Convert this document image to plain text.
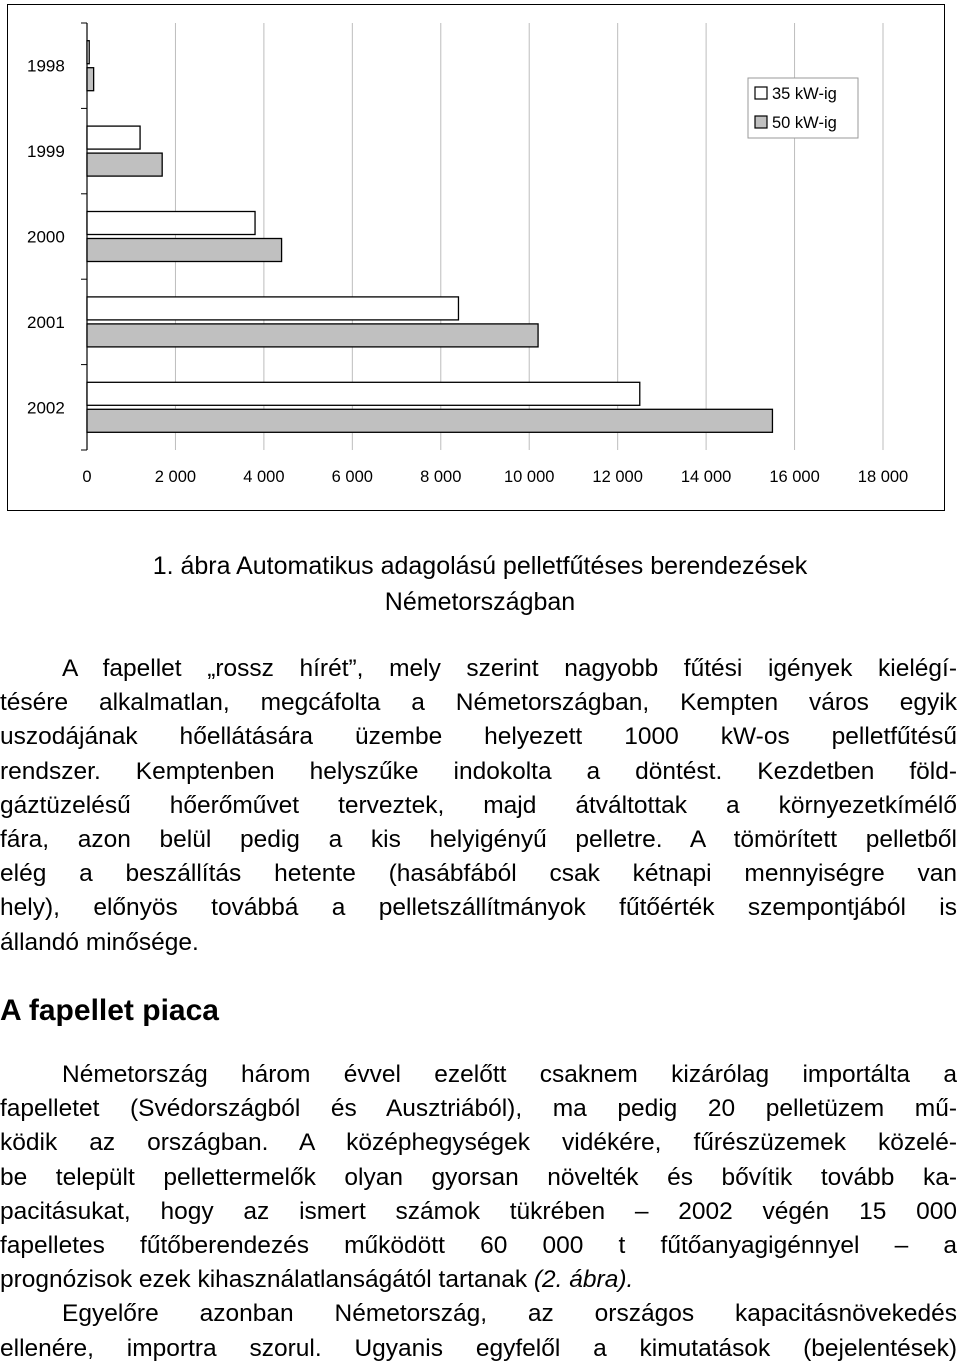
1998
1999
2000
2001
2002
0	2 000	4 000	6 000	8 000	10 000 12 000 14 000 16 000 18 000
35 kW-ig
50 kW-ig
1. ábra Automatikus adagolású pelletfűtéses berendezések
Németországban
A fapellet „rossz hírét”, mely szerint nagyobb fűtési igények kielégí-
tésére alkalmatlan, megcáfolta a Németországban, Kempten város egyik
uszodájának hőellátására üzembe helyezett 1000 kW-os pelletfűtésű
rendszer. Kemptenben helyszűke indokolta a döntést. Kezdetben föld-
gáztüzelésű hőerőművet terveztek, majd átváltottak a környezetkímélő
fára, azon belül pedig a kis helyigényű pelletre. A tömörített pelletből
elég a beszállítás hetente (hasábfából csak kétnapi mennyiségre van
hely), előnyös továbbá a pelletszállítmányok fűtőérték szempontjából is
állandó minősége.
A fapellet piaca
Németország három évvel ezelőtt csaknem kizárólag importálta a
fapelletet (Svédországból és Ausztriából), ma pedig 20 pelletüzem mű-
ködik az országban. A középhegységek vidékére, fűrészüzemek közelé-
be települt pellettermelők olyan gyorsan növelték és bővítik tovább ka-
pacitásukat, hogy az ismert számok tükrében – 2002 végén 15 000
fapelletes fűtőberendezés működött 60 000 t fűtőanyagigénnyel – a
prognózisok ezek kihasználatlanságától tartanak (2. ábra).
Egyelőre azonban Németország, az országos kapacitásnövekedés
ellenére, importra szorul. Ugyanis egyfelől a kimutatások (bejelentések)
